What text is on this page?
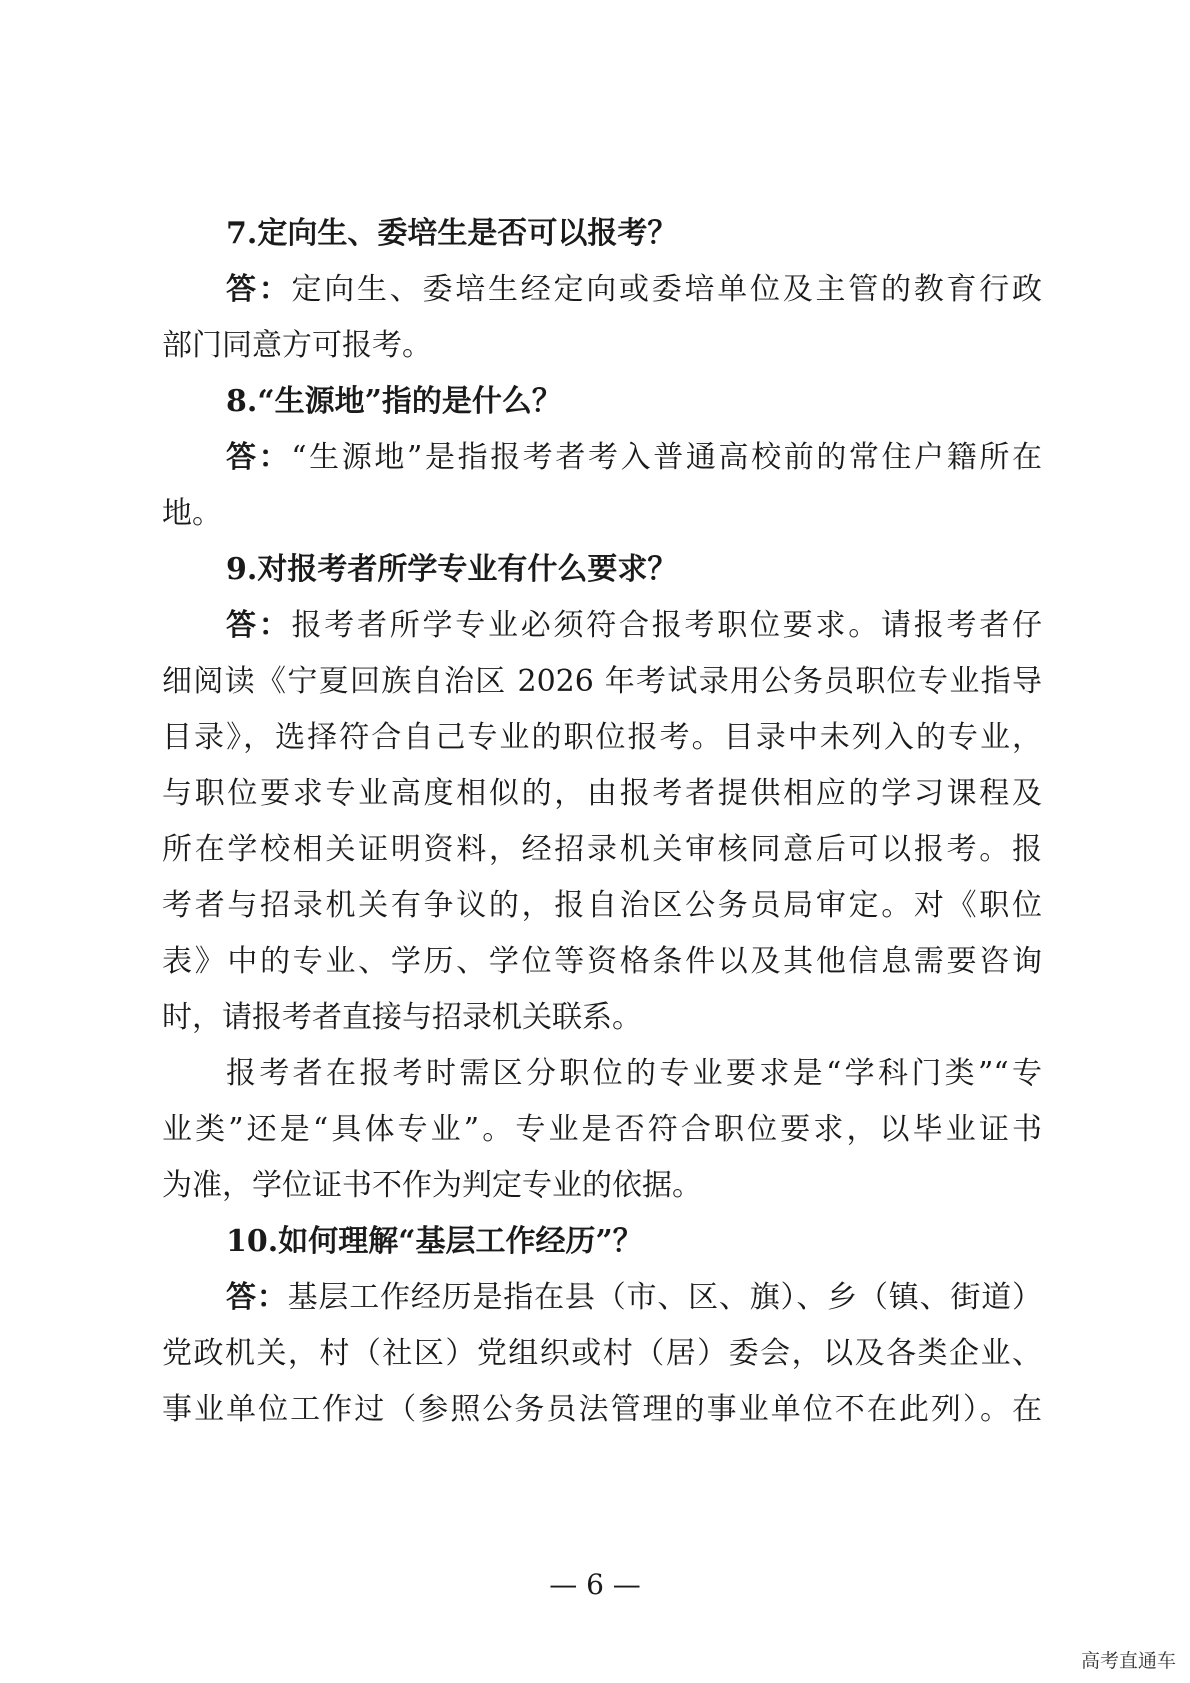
7.定向生、委培生是否可以报考？
答：定向生、委培生经定向或委培单位及主管的教育行政
部门同意方可报考。
8.“生源地”指的是什么？
答：“生源地”是指报考者考入普通高校前的常住户籍所在
地。
9.对报考者所学专业有什么要求？
答：报考者所学专业必须符合报考职位要求。请报考者仔
细阅读《宁夏回族自治区 2026 年考试录用公务员职位专业指导
目录》，选择符合自己专业的职位报考。目录中未列入的专业，
与职位要求专业高度相似的，由报考者提供相应的学习课程及
所在学校相关证明资料，经招录机关审核同意后可以报考。报
考者与招录机关有争议的，报自治区公务员局审定。对《职位
表》中的专业、学历、学位等资格条件以及其他信息需要咨询
时，请报考者直接与招录机关联系。
报考者在报考时需区分职位的专业要求是“学科门类”“专
业类”还是“具体专业”。专业是否符合职位要求，以毕业证书
为准，学位证书不作为判定专业的依据。
10.如何理解“基层工作经历”？
答：基层工作经历是指在县（市、区、旗）、乡（镇、街道）
党政机关，村（社区）党组织或村（居）委会，以及各类企业、
事业单位工作过（参照公务员法管理的事业单位不在此列）。在
— 6 —
高考直通车
